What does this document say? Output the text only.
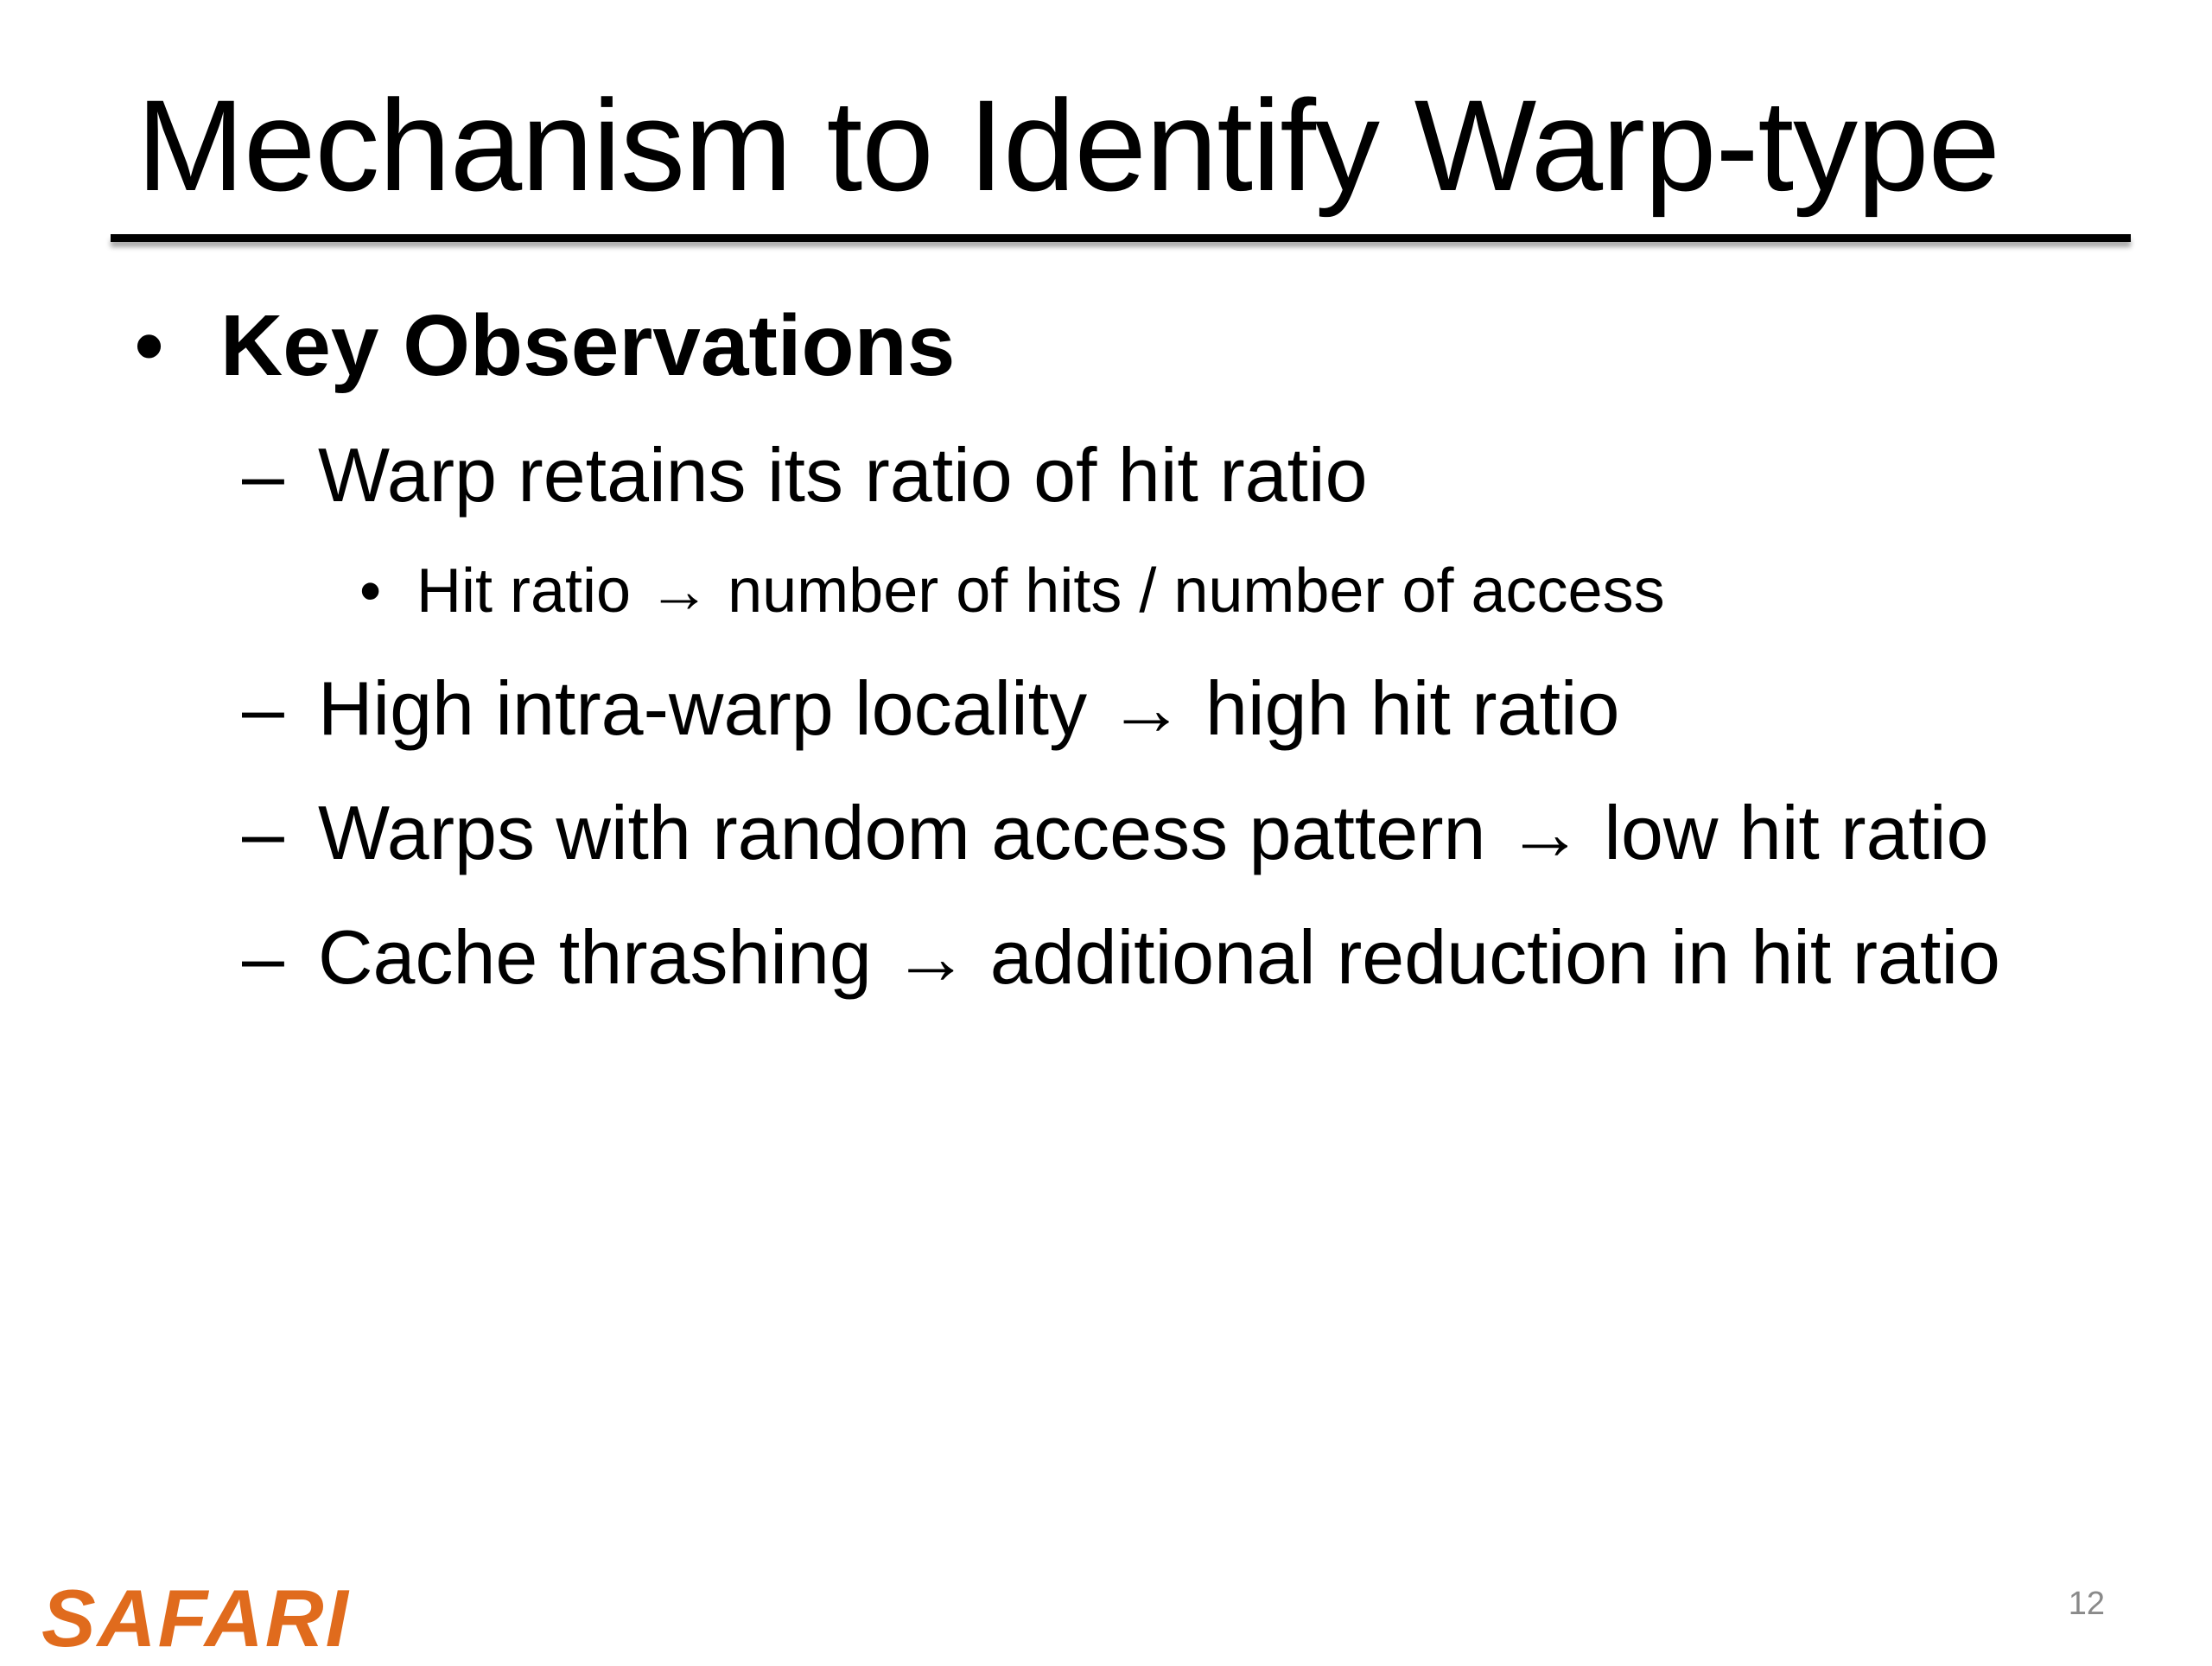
Mechanism to Identify Warp-type
• Key Observations
– Warp retains its ratio of hit ratio
• Hit ratio → number of hits / number of access
– High intra-warp locality → high hit ratio
– Warps with random access pattern → low hit ratio
– Cache thrashing → additional reduction in hit ratio
SAFARI	12
